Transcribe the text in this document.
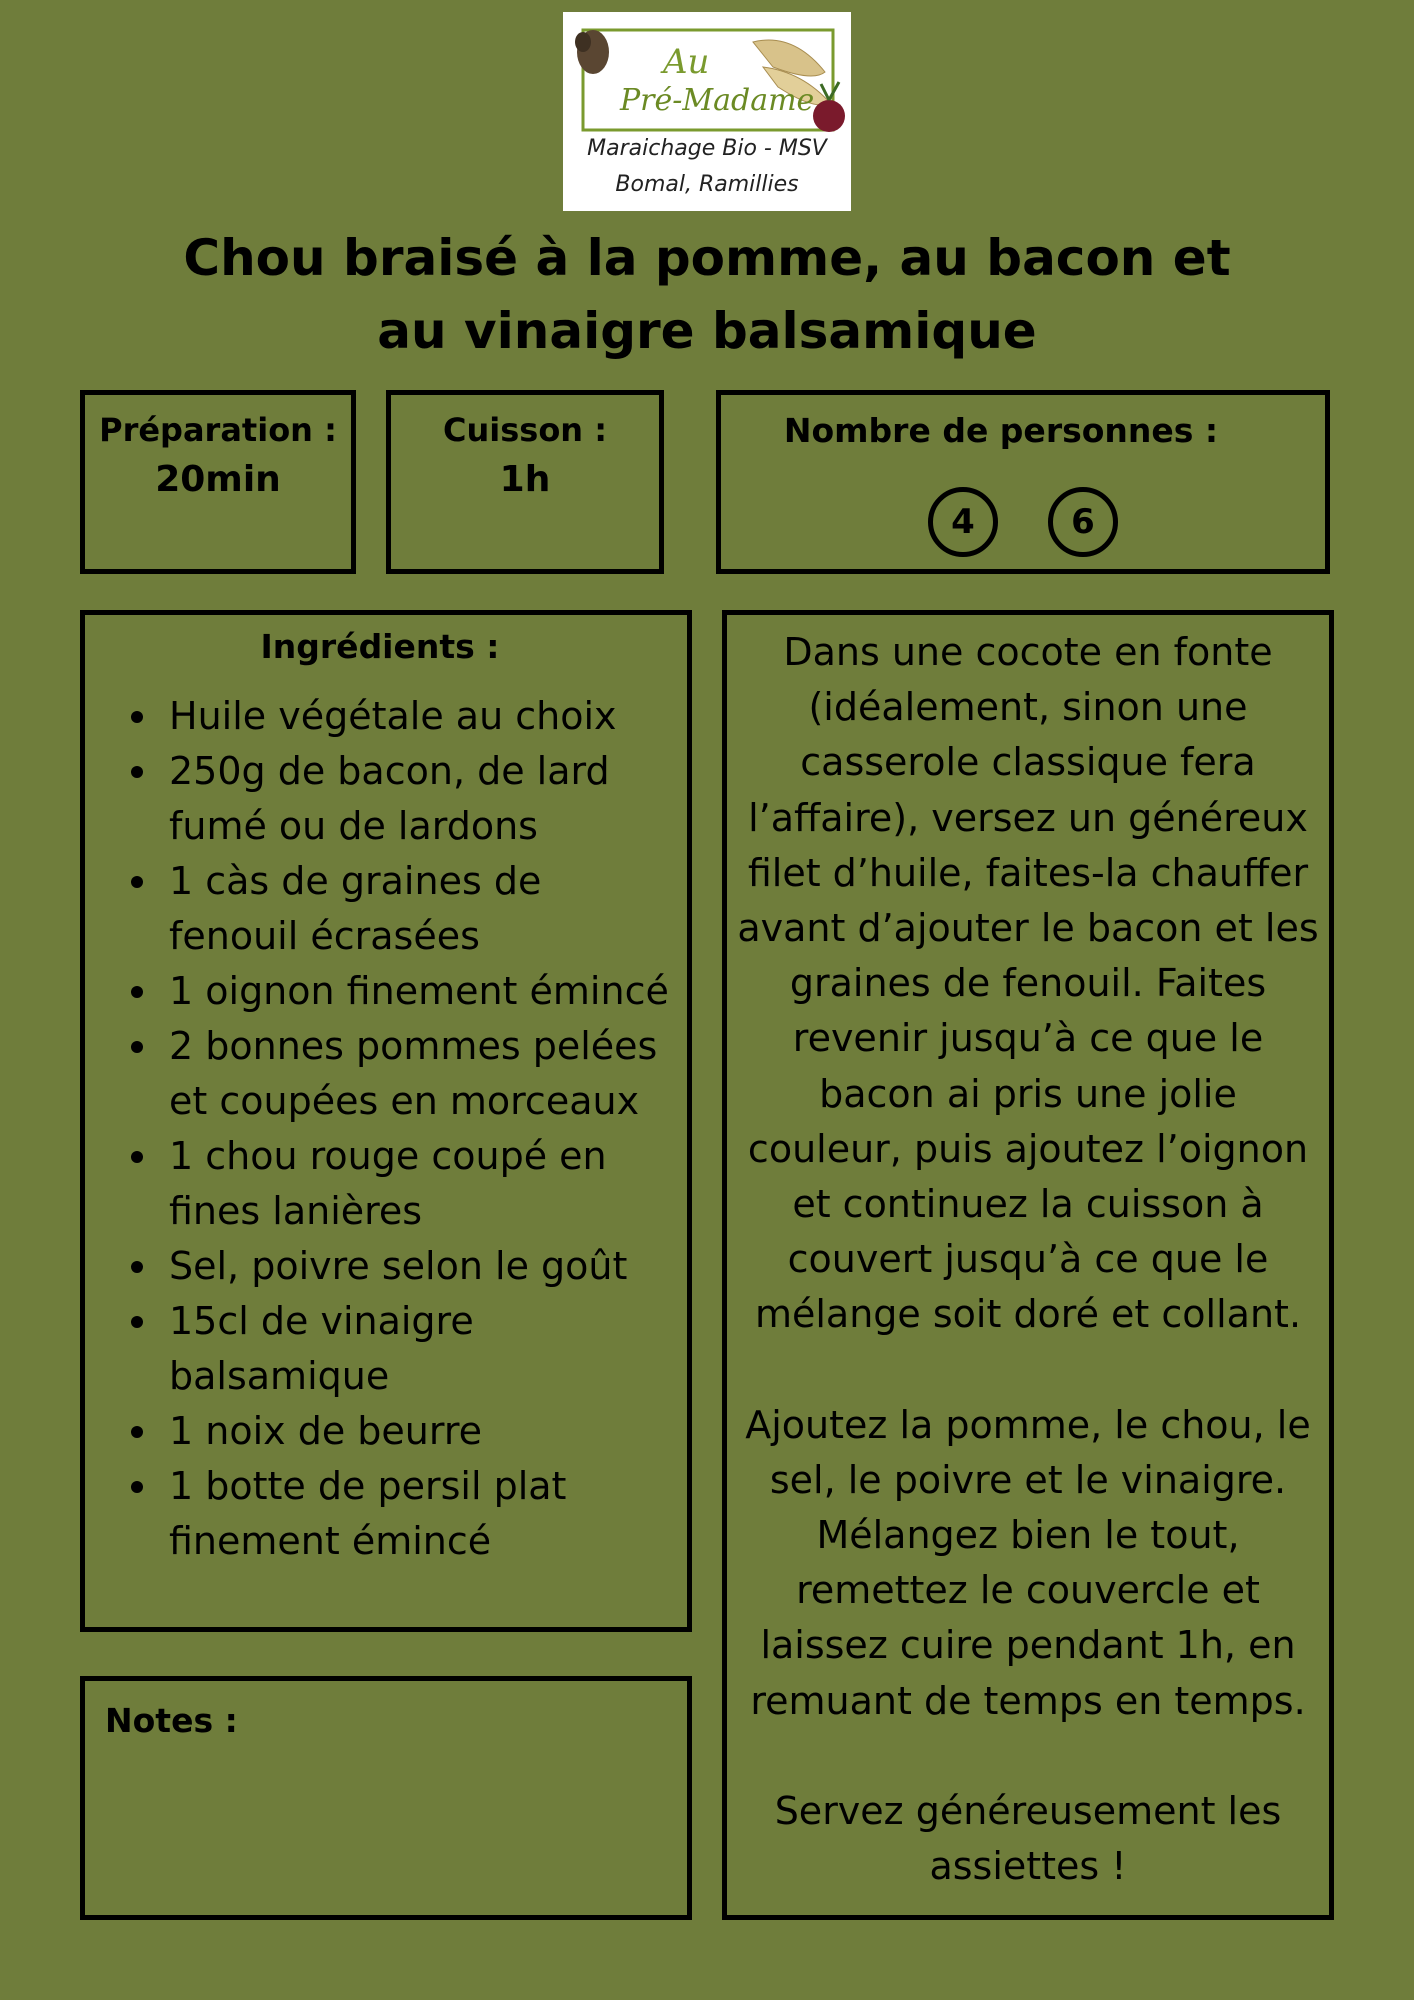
Au
Pré-Madame
Maraichage Bio - MSV
Bomal, Ramillies
Chou braisé à la pomme, au bacon et
au vinaigre balsamique
Préparation :
20min
Cuisson :
1h
Nombre de personnes :
4	6
Ingrédients :
Huile végétale au choix
250g de bacon, de lard
fumé ou de lardons
1 càs de graines de
fenouil écrasées
1 oignon finement émincé
2 bonnes pommes pelées
et coupées en morceaux
1 chou rouge coupé en
fines lanières
Sel, poivre selon le goût
15cl de vinaigre
balsamique
1 noix de beurre
1 botte de persil plat
finement émincé
Notes :

Dans une cocote en fonte
(idéalement, sinon une
casserole classique fera
l’affaire), versez un généreux
filet d’huile, faites-la chauffer
avant d’ajouter le bacon et les
graines de fenouil. Faites
revenir jusqu’à ce que le
bacon ai pris une jolie
couleur, puis ajoutez l’oignon
et continuez la cuisson à
couvert jusqu’à ce que le
mélange soit doré et collant.

Ajoutez la pomme, le chou, le
sel, le poivre et le vinaigre.
Mélangez bien le tout,
remettez le couvercle et
laissez cuire pendant 1h, en
remuant de temps en temps.

Servez généreusement les
assiettes !
